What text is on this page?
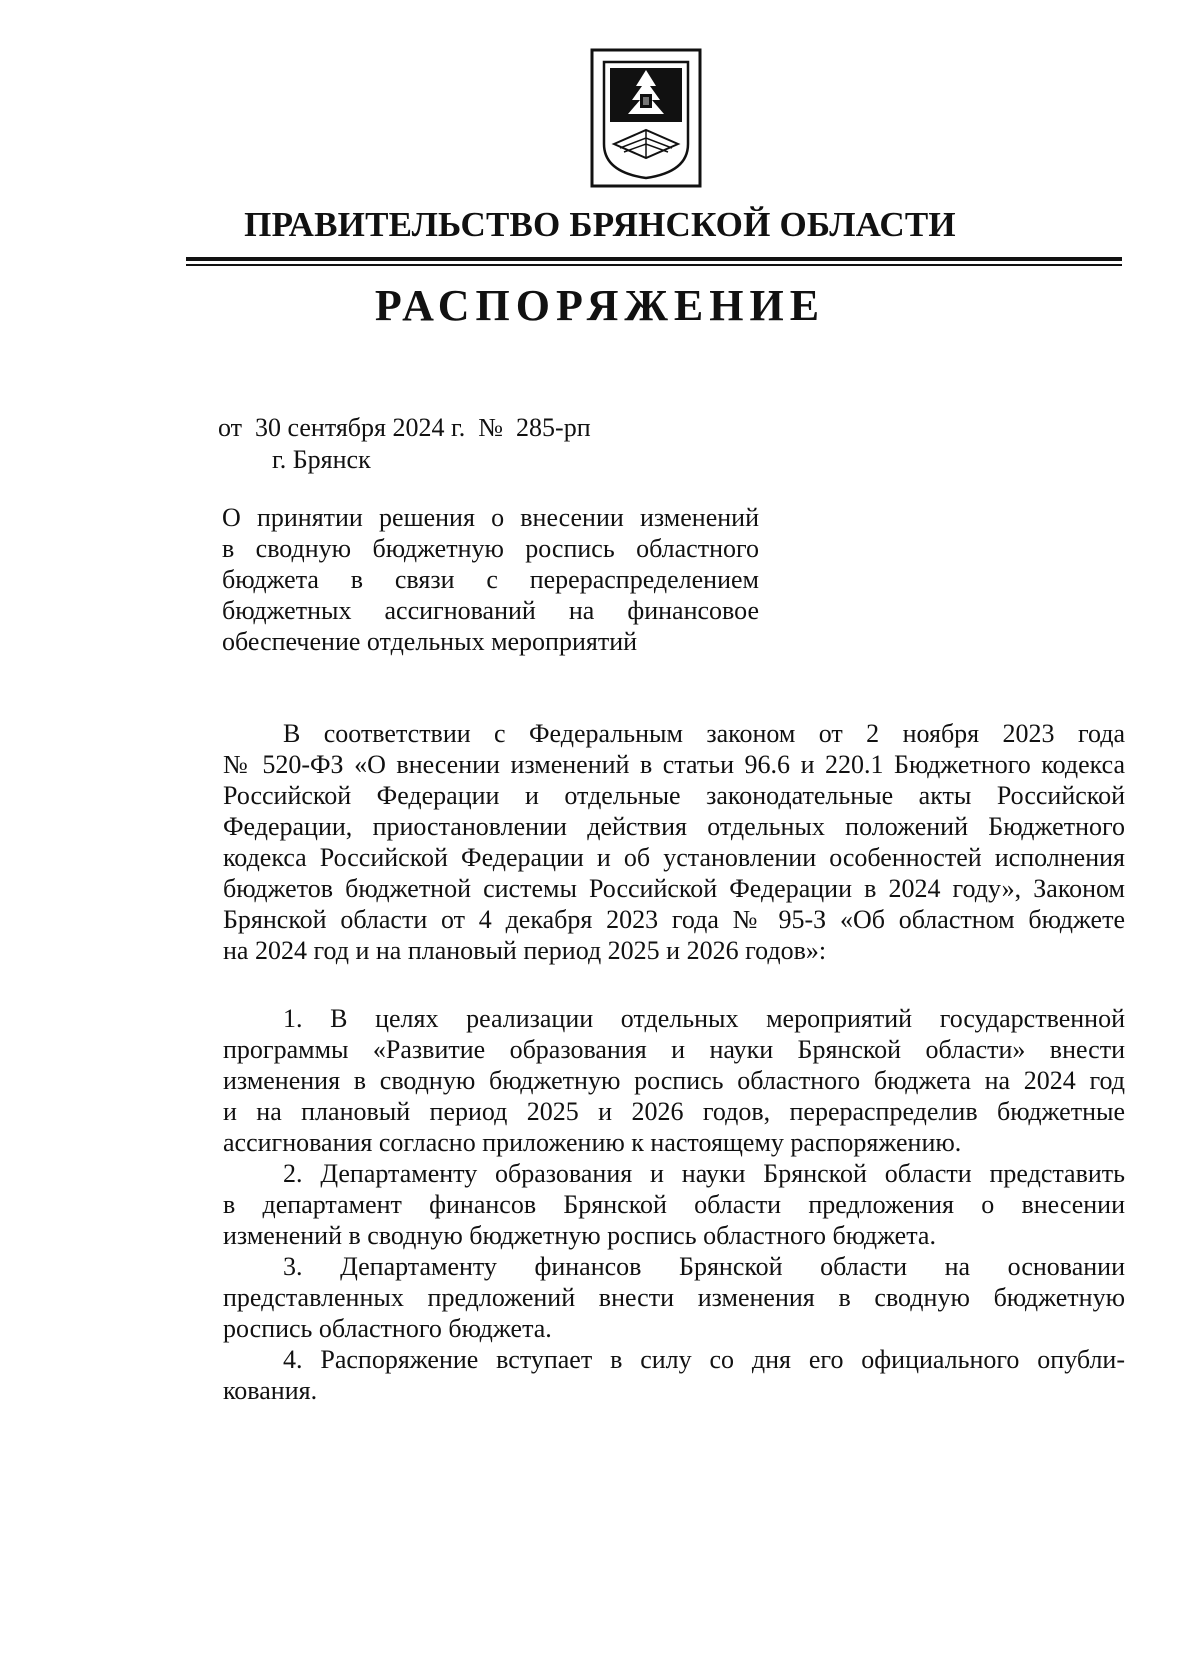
ПРАВИТЕЛЬСТВО БРЯНСКОЙ ОБЛАСТИ
РАСПОРЯЖЕНИЕ
от  30 сентября 2024 г.  №  285-рп
г. Брянск
О принятии решения о внесении изменений
в сводную бюджетную роспись областного
бюджета в связи с перераспределением
бюджетных ассигнований на финансовое
обеспечение отдельных мероприятий
В соответствии с Федеральным законом от 2 ноября 2023 года
№ 520-ФЗ «О внесении изменений в статьи 96.6 и 220.1 Бюджетного кодекса
Российской Федерации и отдельные законодательные акты Российской
Федерации, приостановлении действия отдельных положений Бюджетного
кодекса Российской Федерации и об установлении особенностей исполнения
бюджетов бюджетной системы Российской Федерации в 2024 году», Законом
Брянской области от 4 декабря 2023 года № 95-З «Об областном бюджете
на 2024 год и на плановый период 2025 и 2026 годов»:
1. В целях реализации отдельных мероприятий государственной
программы «Развитие образования и науки Брянской области» внести
изменения в сводную бюджетную роспись областного бюджета на 2024 год
и на плановый период 2025 и 2026 годов, перераспределив бюджетные
ассигнования согласно приложению к настоящему распоряжению.
2. Департаменту образования и науки Брянской области представить
в департамент финансов Брянской области предложения о внесении
изменений в сводную бюджетную роспись областного бюджета.
3. Департаменту финансов Брянской области на основании
представленных предложений внести изменения в сводную бюджетную
роспись областного бюджета.
4. Распоряжение вступает в силу со дня его официального опубли-
кования.
